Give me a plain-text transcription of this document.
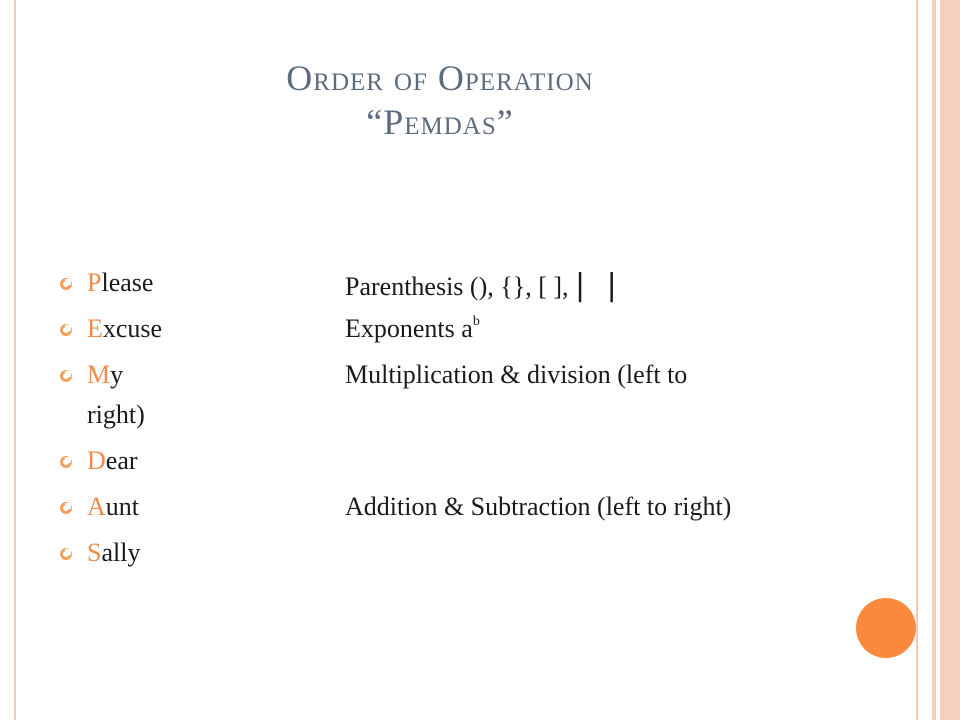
Order of Operation
“Pemdas”
Please	Parenthesis (), {}, [ ], | |
Excuse	Exponents $a^b$
My	Multiplication & division (left to
right)
Dear
Aunt	Addition & Subtraction (left to right)
Sally
